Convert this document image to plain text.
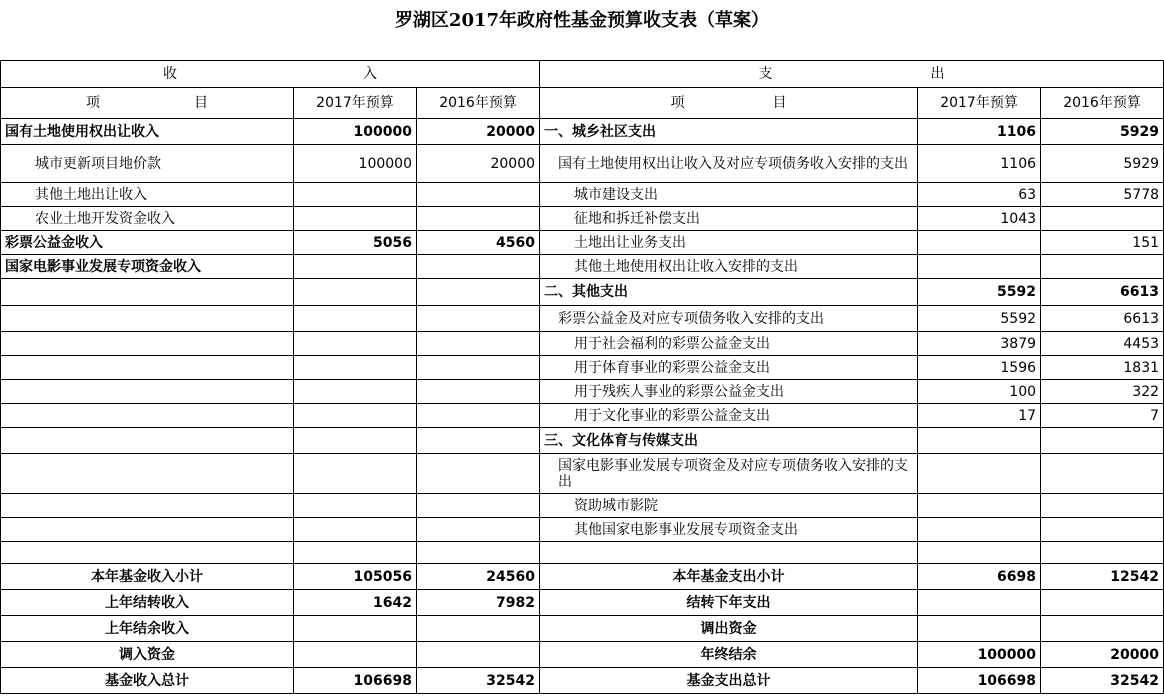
罗湖区2017年政府性基金预算收支表（草案）
收 入			支 出		
项 目	2017年预算	2016年预算	项 目	2017年预算	2016年预算
国有土地使用权出让收入	100000	20000	一、城乡社区支出	1106	5929
城市更新项目地价款	100000	20000	国有土地使用权出让收入及对应专项债务收入安排的支出	1106	5929
其他土地出让收入			城市建设支出	63	5778
农业土地开发资金收入			征地和拆迁补偿支出	1043	
彩票公益金收入	5056	4560	土地出让业务支出		151
国家电影事业发展专项资金收入			其他土地使用权出让收入安排的支出		
			二、其他支出	5592	6613
			彩票公益金及对应专项债务收入安排的支出	5592	6613
			用于社会福利的彩票公益金支出	3879	4453
			用于体育事业的彩票公益金支出	1596	1831
			用于残疾人事业的彩票公益金支出	100	322
			用于文化事业的彩票公益金支出	17	7
			三、文化体育与传媒支出		
			国家电影事业发展专项资金及对应专项债务收入安排的支出		
			资助城市影院		
			其他国家电影事业发展专项资金支出		

本年基金收入小计	105056	24560	本年基金支出小计	6698	12542
上年结转收入	1642	7982	结转下年支出		
上年结余收入			调出资金		
调入资金			年终结余	100000	20000
基金收入总计	106698	32542	基金支出总计	106698	32542
